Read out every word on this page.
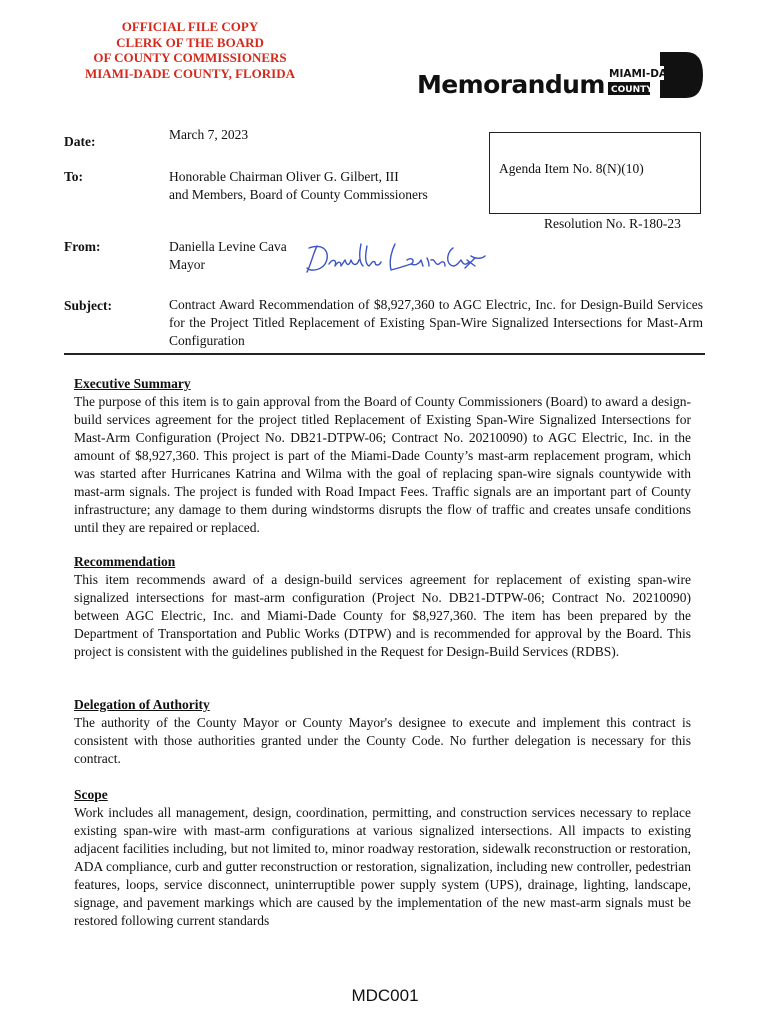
OFFICIAL FILE COPY
CLERK OF THE BOARD
OF COUNTY COMMISSIONERS
MIAMI-DADE COUNTY, FLORIDA	Memorandum MIAMI-DADE
COUNTY
Date:	March 7, 2023
To:	Honorable Chairman Oliver G. Gilbert, III
and Members, Board of County Commissioners
Agenda Item No. 8(N)(10)
Resolution No. R-180-23
From:	Daniella Levine Cava
Mayor
Subject:	Contract Award Recommendation of $8,927,360 to AGC Electric, Inc. for Design-Build Services for the Project Titled Replacement of Existing Span-Wire Signalized Intersections for Mast-Arm Configuration
Executive Summary

The purpose of this item is to gain approval from the Board of County Commissioners (Board) to award a design-build services agreement for the project titled Replacement of Existing Span-Wire Signalized Intersections for Mast-Arm Configuration (Project No. DB21-DTPW-06; Contract No. 20210090) to AGC Electric, Inc. in the amount of $8,927,360. This project is part of the Miami-Dade County’s mast-arm replacement program, which was started after Hurricanes Katrina and Wilma with the goal of replacing span-wire signals countywide with mast-arm signals. The project is funded with Road Impact Fees. Traffic signals are an important part of County infrastructure; any damage to them during windstorms disrupts the flow of traffic and creates unsafe conditions until they are repaired or replaced.

Recommendation

This item recommends award of a design-build services agreement for replacement of existing span-wire signalized intersections for mast-arm configuration (Project No. DB21-DTPW-06; Contract No. 20210090) between AGC Electric, Inc. and Miami-Dade County for $8,927,360. The item has been prepared by the Department of Transportation and Public Works (DTPW) and is recommended for approval by the Board. This project is consistent with the guidelines published in the Request for Design-Build Services (RDBS).

Delegation of Authority

The authority of the County Mayor or County Mayor's designee to execute and implement this contract is consistent with those authorities granted under the County Code. No further delegation is necessary for this contract.

Scope

Work includes all management, design, coordination, permitting, and construction services necessary to replace existing span-wire with mast-arm configurations at various signalized intersections. All impacts to existing adjacent facilities including, but not limited to, minor roadway restoration, sidewalk reconstruction or restoration, ADA compliance, curb and gutter reconstruction or restoration, signalization, including new controller, pedestrian features, loops, service disconnect, uninterruptible power supply system (UPS), drainage, lighting, landscape, signage, and pavement markings which are caused by the implementation of the new mast-arm signals must be restored following current standards

MDC001
